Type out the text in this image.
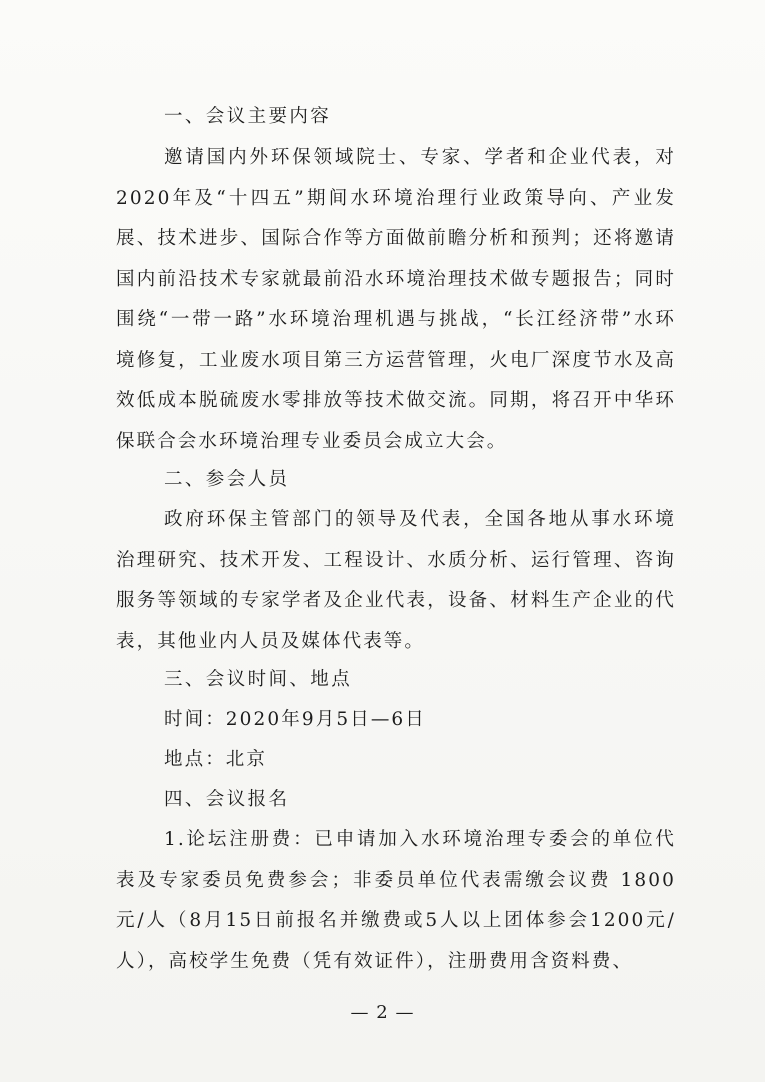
一、会议主要内容

邀请国内外环保领域院士、专家、学者和企业代表，对2020年及“十四五”期间水环境治理行业政策导向、产业发展、技术进步、国际合作等方面做前瞻分析和预判；还将邀请国内前沿技术专家就最前沿水环境治理技术做专题报告；同时围绕“一带一路”水环境治理机遇与挑战，“长江经济带”水环境修复，工业废水项目第三方运营管理，火电厂深度节水及高效低成本脱硫废水零排放等技术做交流。同期，将召开中华环保联合会水环境治理专业委员会成立大会。

二、参会人员

政府环保主管部门的领导及代表，全国各地从事水环境治理研究、技术开发、工程设计、水质分析、运行管理、咨询服务等领域的专家学者及企业代表，设备、材料生产企业的代表，其他业内人员及媒体代表等。

三、会议时间、地点

时间：2020年9月5日—6日

地点：北京

四、会议报名

1.论坛注册费：已申请加入水环境治理专委会的单位代表及专家委员免费参会；非委员单位代表需缴会议费 1800元/人（8月15日前报名并缴费或5人以上团体参会1200元/人），高校学生免费（凭有效证件），注册费用含资料费、

— 2 —
